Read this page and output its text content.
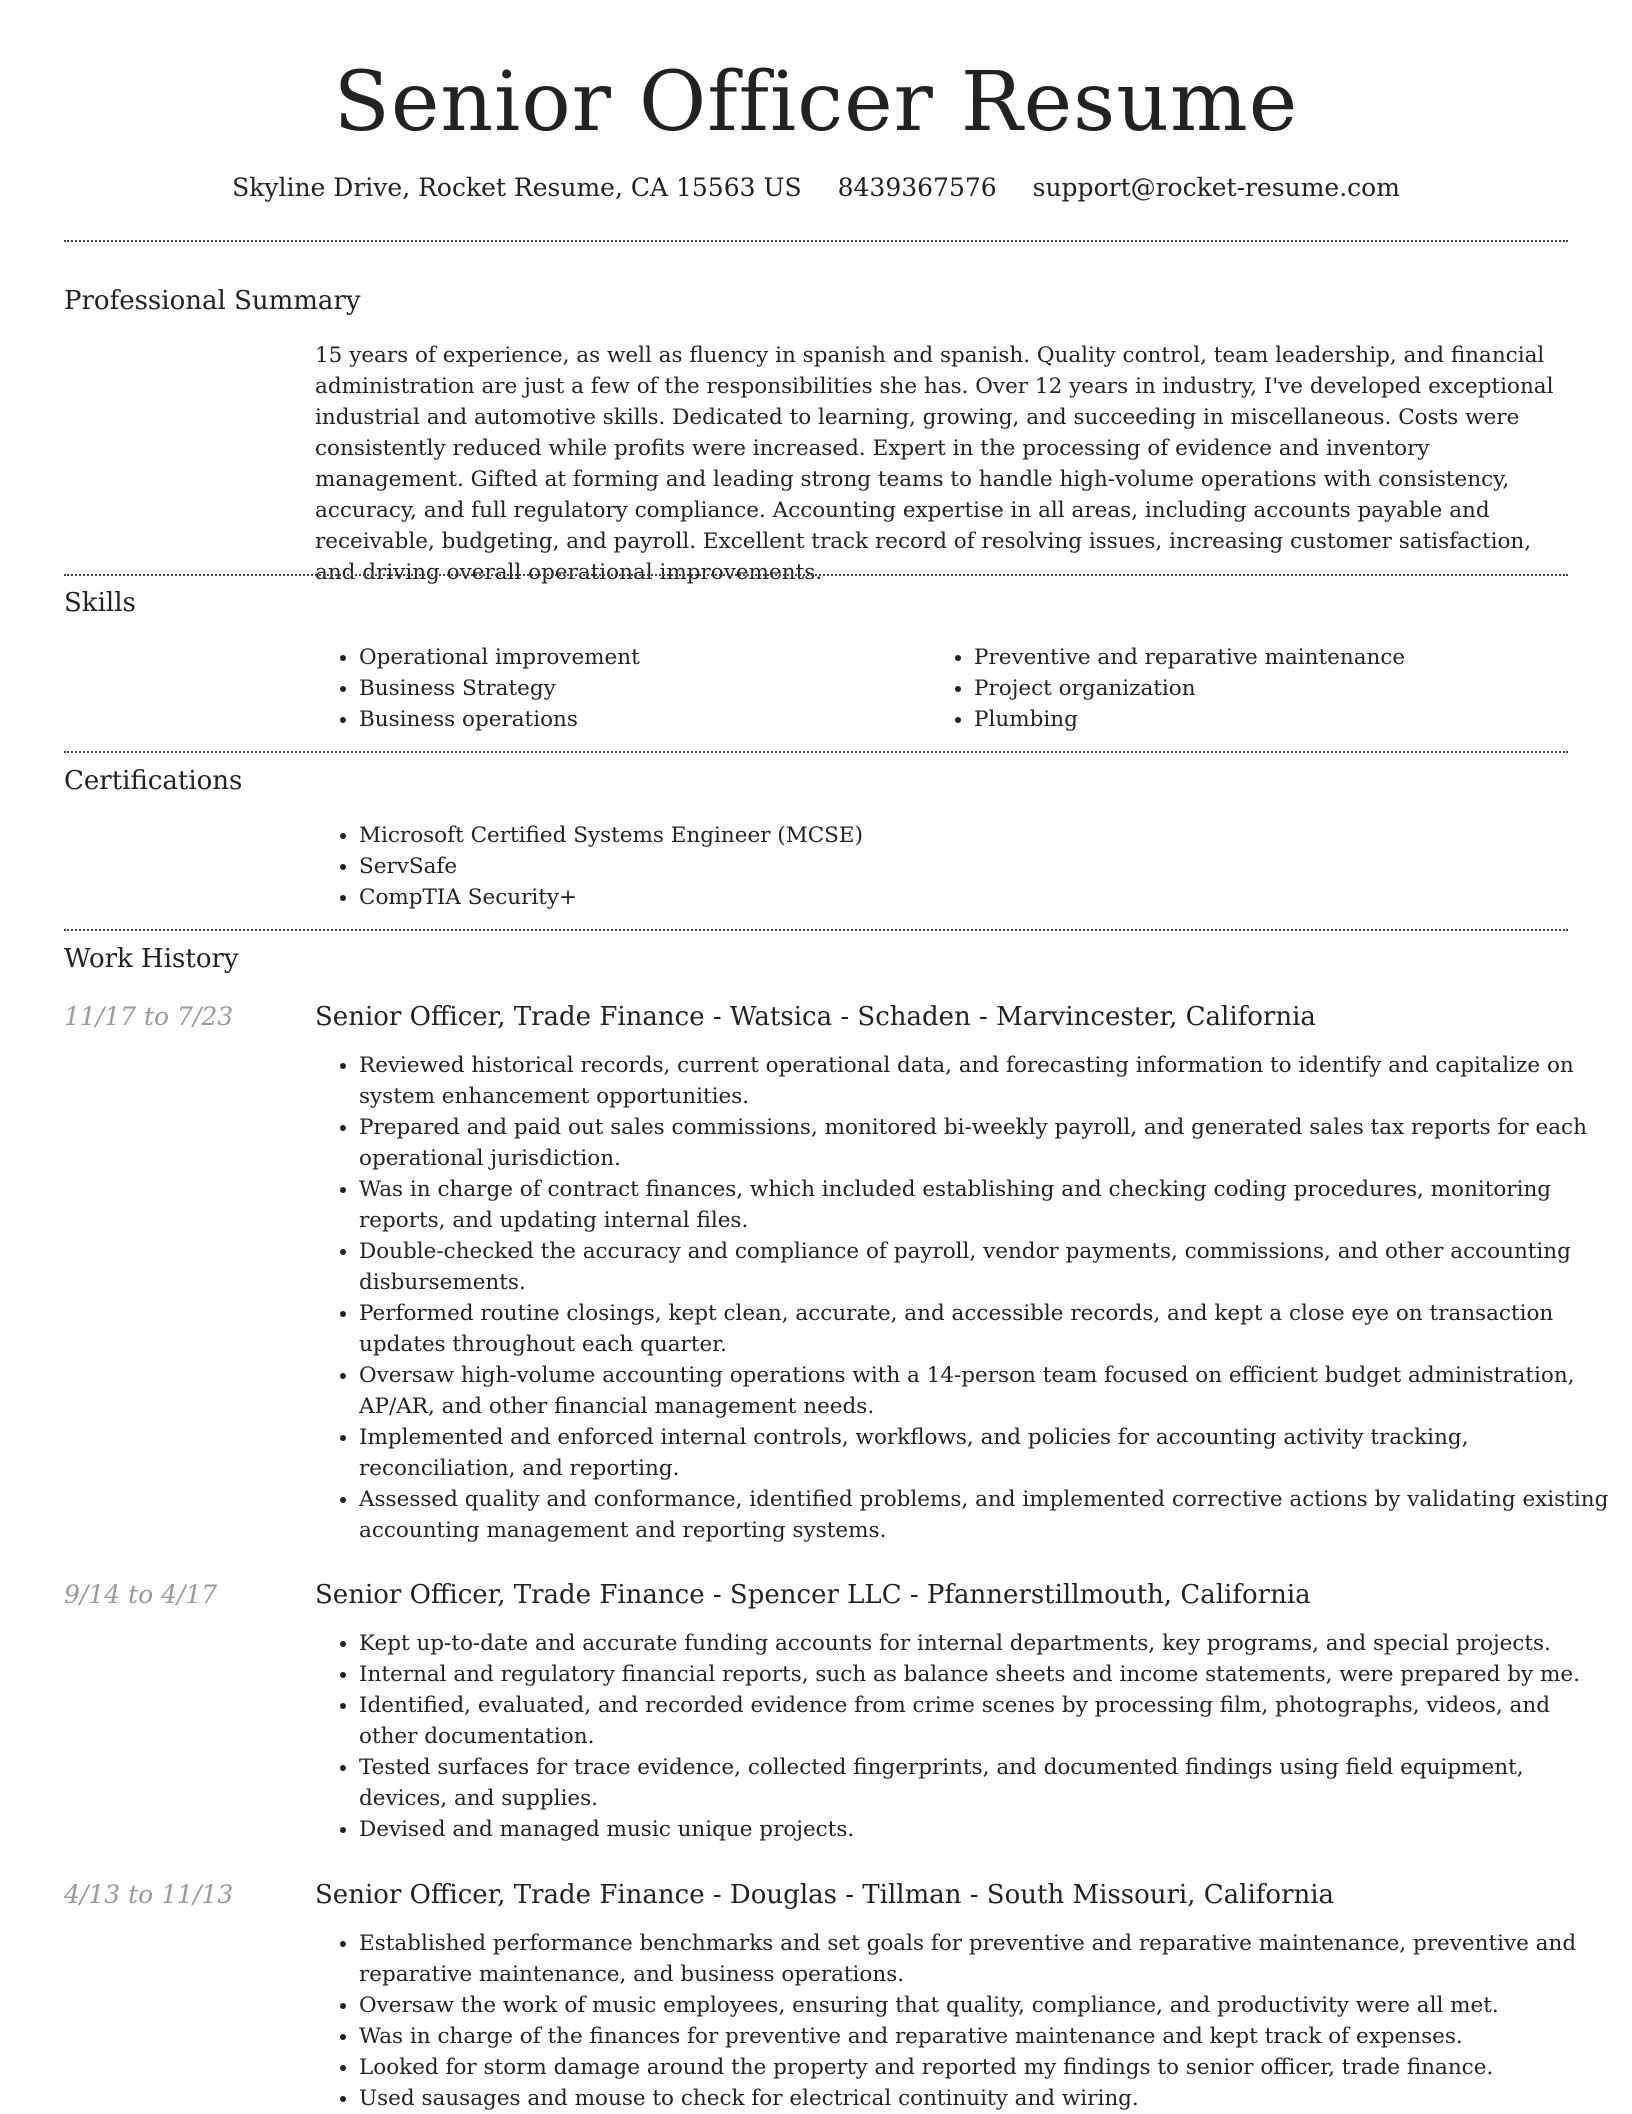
Senior Officer Resume
Skyline Drive, Rocket Resume, CA 15563 US 8439367576 support@rocket-resume.com
Professional Summary

15 years of experience, as well as fluency in spanish and spanish. Quality control, team leadership, and financial administration are just a few of the responsibilities she has. Over 12 years in industry, I've developed exceptional industrial and automotive skills. Dedicated to learning, growing, and succeeding in miscellaneous. Costs were consistently reduced while profits were increased. Expert in the processing of evidence and inventory management. Gifted at forming and leading strong teams to handle high-volume operations with consistency, accuracy, and full regulatory compliance. Accounting expertise in all areas, including accounts payable and receivable, budgeting, and payroll. Excellent track record of resolving issues, increasing customer satisfaction, and driving overall operational improvements.

Skills
• Operational improvement
• Business Strategy
• Business operations
• Preventive and reparative maintenance
• Project organization
• Plumbing
Certifications
• Microsoft Certified Systems Engineer (MCSE)
• ServSafe
• CompTIA Security+
Work History
11/17 to 7/23	Senior Officer, Trade Finance - Watsica - Schaden - Marvincester, California
• Reviewed historical records, current operational data, and forecasting information to identify and capitalize on system enhancement opportunities.
• Prepared and paid out sales commissions, monitored bi-weekly payroll, and generated sales tax reports for each operational jurisdiction.
• Was in charge of contract finances, which included establishing and checking coding procedures, monitoring reports, and updating internal files.
• Double-checked the accuracy and compliance of payroll, vendor payments, commissions, and other accounting disbursements.
• Performed routine closings, kept clean, accurate, and accessible records, and kept a close eye on transaction updates throughout each quarter.
• Oversaw high-volume accounting operations with a 14-person team focused on efficient budget administration, AP/AR, and other financial management needs.
• Implemented and enforced internal controls, workflows, and policies for accounting activity tracking, reconciliation, and reporting.
• Assessed quality and conformance, identified problems, and implemented corrective actions by validating existing accounting management and reporting systems.
9/14 to 4/17	Senior Officer, Trade Finance - Spencer LLC - Pfannerstillmouth, California
• Kept up-to-date and accurate funding accounts for internal departments, key programs, and special projects.
• Internal and regulatory financial reports, such as balance sheets and income statements, were prepared by me.
• Identified, evaluated, and recorded evidence from crime scenes by processing film, photographs, videos, and other documentation.
• Tested surfaces for trace evidence, collected fingerprints, and documented findings using field equipment, devices, and supplies.
• Devised and managed music unique projects.
4/13 to 11/13	Senior Officer, Trade Finance - Douglas - Tillman - South Missouri, California
• Established performance benchmarks and set goals for preventive and reparative maintenance, preventive and reparative maintenance, and business operations.
• Oversaw the work of music employees, ensuring that quality, compliance, and productivity were all met.
• Was in charge of the finances for preventive and reparative maintenance and kept track of expenses.
• Looked for storm damage around the property and reported my findings to senior officer, trade finance.
• Used sausages and mouse to check for electrical continuity and wiring.
